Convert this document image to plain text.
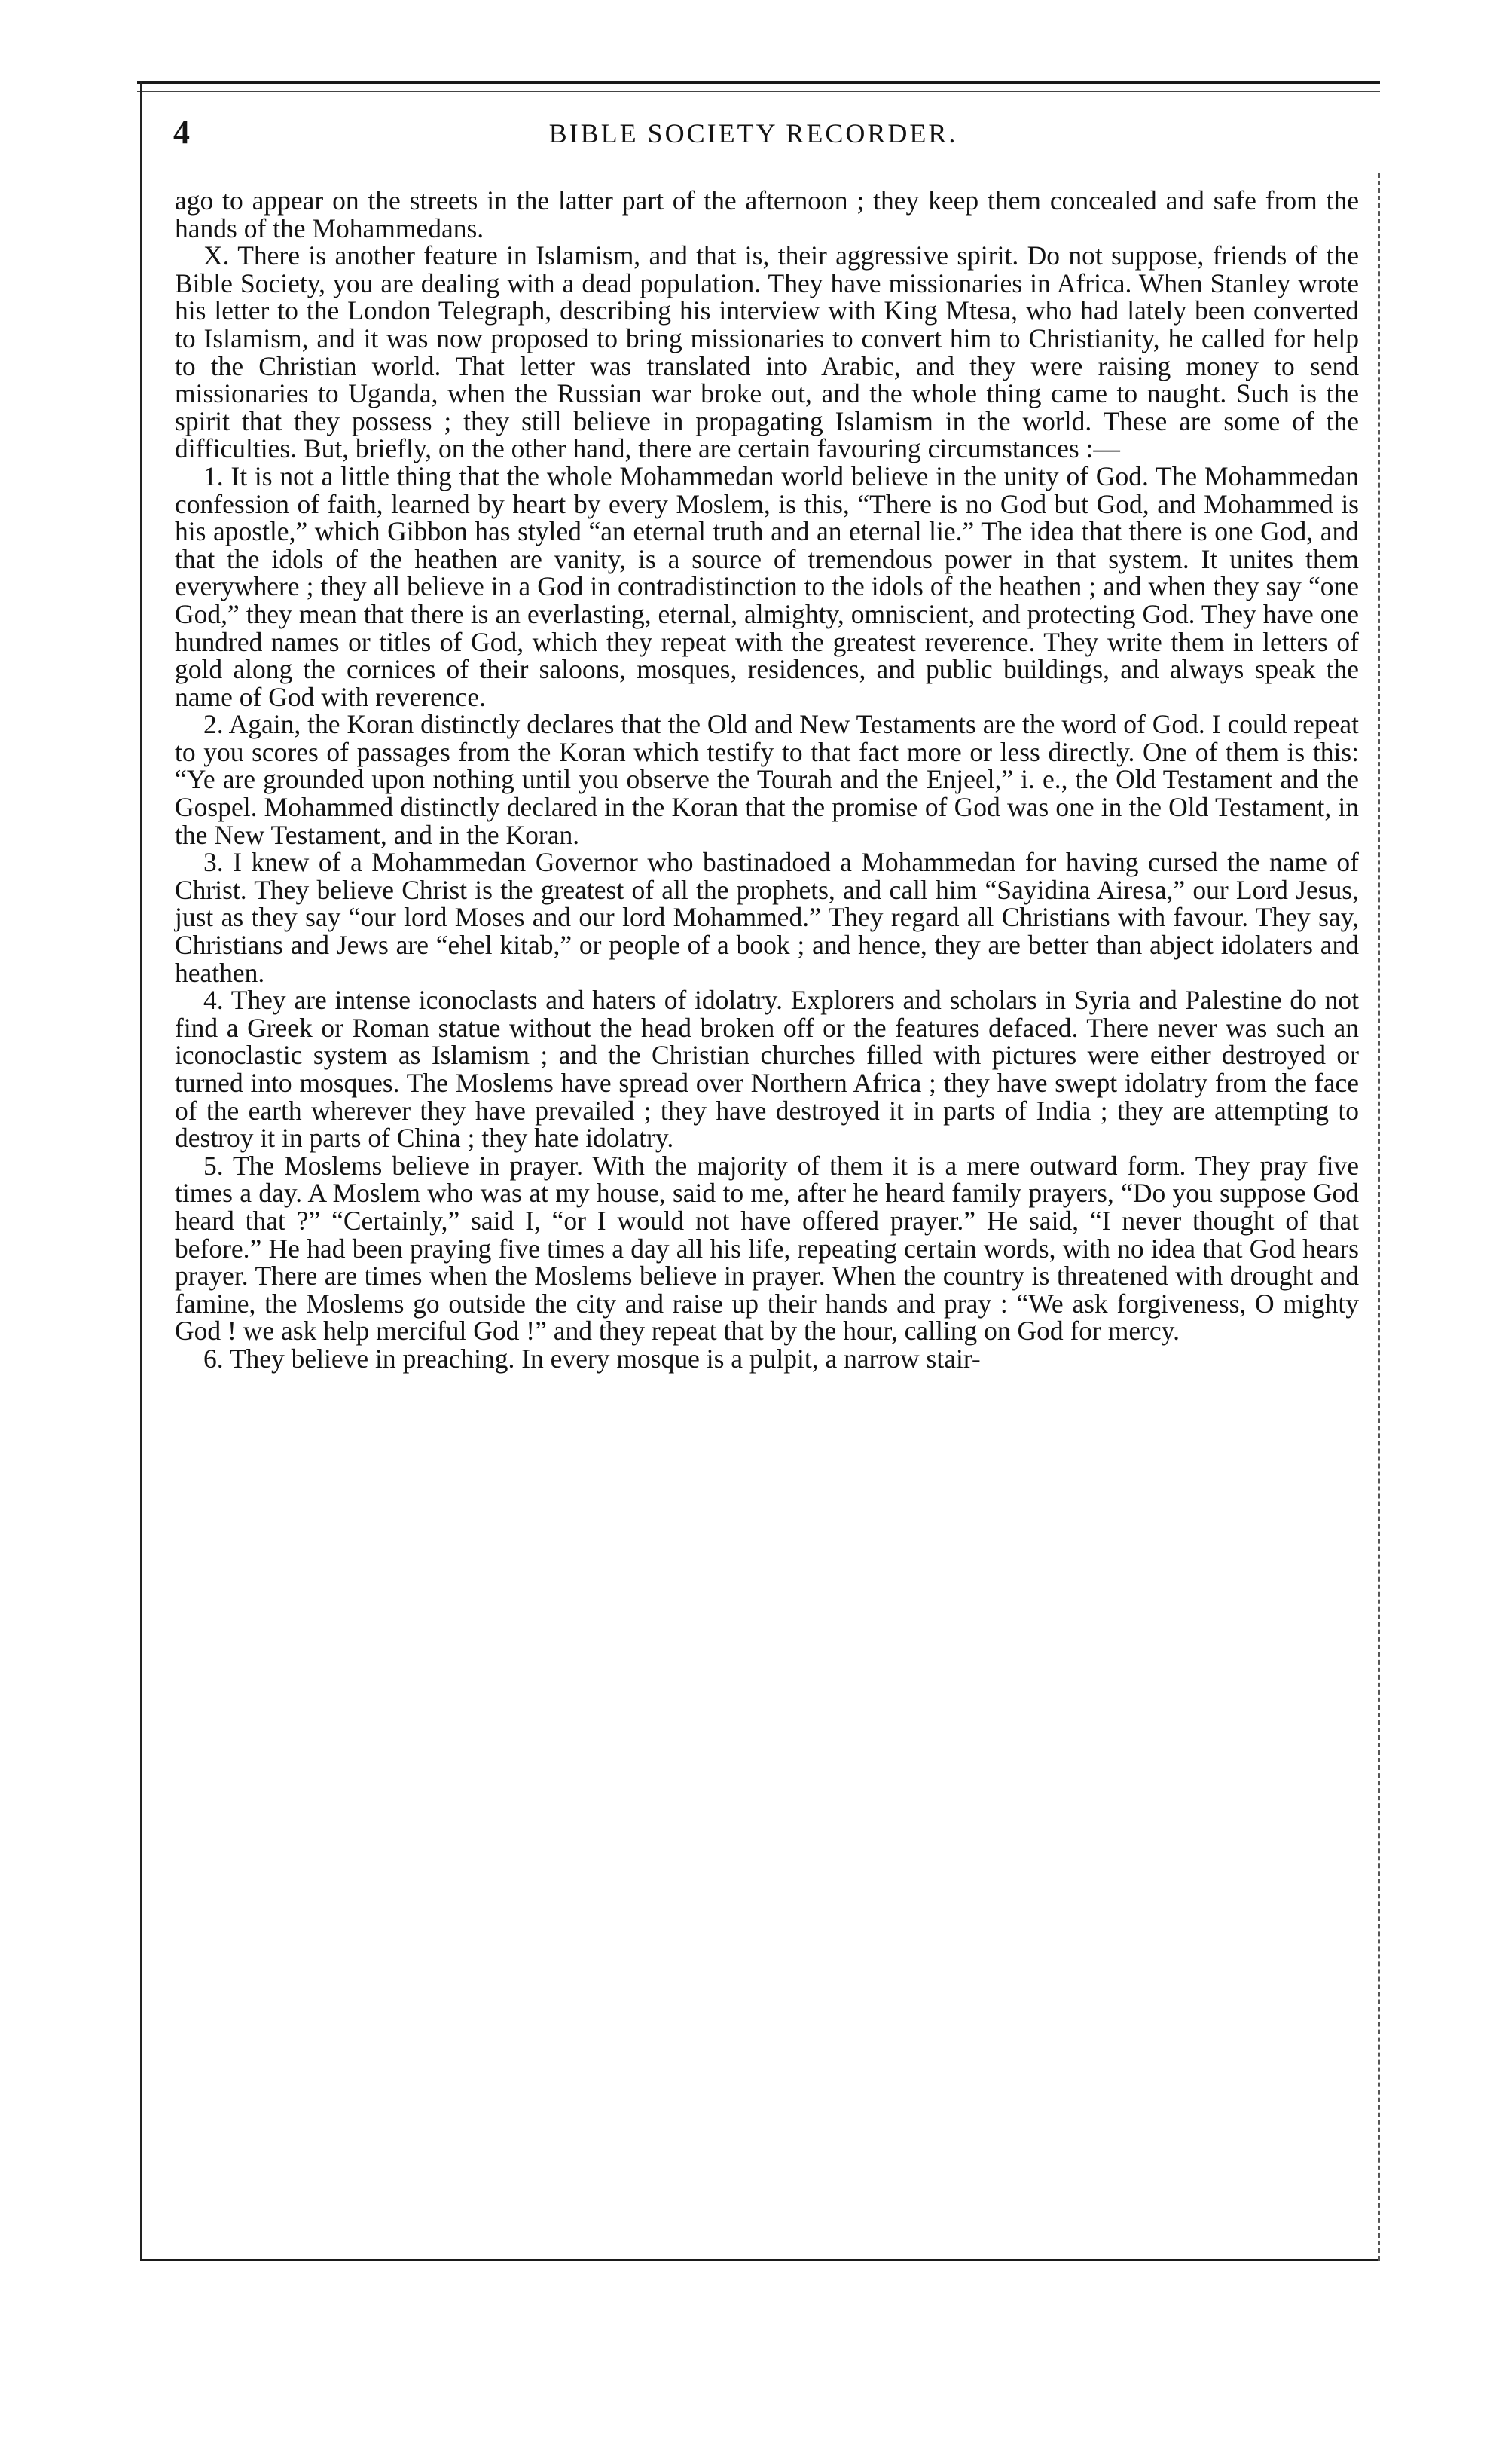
4	BIBLE SOCIETY RECORDER.

ago to appear on the streets in the latter part of the afternoon ; they keep them concealed and safe from the hands of the Mohammedans.

X. There is another feature in Islamism, and that is, their aggressive spirit. Do not suppose, friends of the Bible Society, you are dealing with a dead population. They have missionaries in Africa. When Stanley wrote his letter to the London Telegraph, describing his interview with King Mtesa, who had lately been converted to Islamism, and it was now proposed to bring missionaries to convert him to Christianity, he called for help to the Christian world. That letter was translated into Arabic, and they were raising money to send missionaries to Uganda, when the Russian war broke out, and the whole thing came to naught. Such is the spirit that they possess ; they still believe in propagating Islamism in the world. These are some of the difficulties. But, briefly, on the other hand, there are certain favouring circumstances :—

1. It is not a little thing that the whole Mohammedan world believe in the unity of God. The Mohammedan confession of faith, learned by heart by every Moslem, is this, “There is no God but God, and Mohammed is his apostle,” which Gibbon has styled “an eternal truth and an eternal lie.” The idea that there is one God, and that the idols of the heathen are vanity, is a source of tremendous power in that system. It unites them everywhere ; they all believe in a God in contradistinction to the idols of the heathen ; and when they say “one God,” they mean that there is an everlasting, eternal, almighty, omniscient, and protecting God. They have one hundred names or titles of God, which they repeat with the greatest reverence. They write them in letters of gold along the cornices of their saloons, mosques, residences, and public buildings, and always speak the name of God with reverence.

2. Again, the Koran distinctly declares that the Old and New Testaments are the word of God. I could repeat to you scores of passages from the Koran which testify to that fact more or less directly. One of them is this: “Ye are grounded upon nothing until you observe the Tourah and the Enjeel,” i. e., the Old Testament and the Gospel. Mohammed distinctly declared in the Koran that the promise of God was one in the Old Testament, in the New Testament, and in the Koran.

3. I knew of a Mohammedan Governor who bastinadoed a Mohammedan for having cursed the name of Christ. They believe Christ is the greatest of all the prophets, and call him “Sayidina Airesa,” our Lord Jesus, just as they say “our lord Moses and our lord Mohammed.” They regard all Christians with favour. They say, Christians and Jews are “ehel kitab,” or people of a book ; and hence, they are better than abject idolaters and heathen.

4. They are intense iconoclasts and haters of idolatry. Explorers and scholars in Syria and Palestine do not find a Greek or Roman statue without the head broken off or the features defaced. There never was such an iconoclastic system as Islamism ; and the Christian churches filled with pictures were either destroyed or turned into mosques. The Moslems have spread over Northern Africa ; they have swept idolatry from the face of the earth wherever they have prevailed ; they have destroyed it in parts of India ; they are attempting to destroy it in parts of China ; they hate idolatry.

5. The Moslems believe in prayer. With the majority of them it is a mere outward form. They pray five times a day. A Moslem who was at my house, said to me, after he heard family prayers, “Do you suppose God heard that ?” “Certainly,” said I, “or I would not have offered prayer.” He said, “I never thought of that before.” He had been praying five times a day all his life, repeating certain words, with no idea that God hears prayer. There are times when the Moslems believe in prayer. When the country is threatened with drought and famine, the Moslems go outside the city and raise up their hands and pray : “We ask forgiveness, O mighty God ! we ask help merciful God !” and they repeat that by the hour, calling on God for mercy.

6. They believe in preaching. In every mosque is a pulpit, a narrow stair-
